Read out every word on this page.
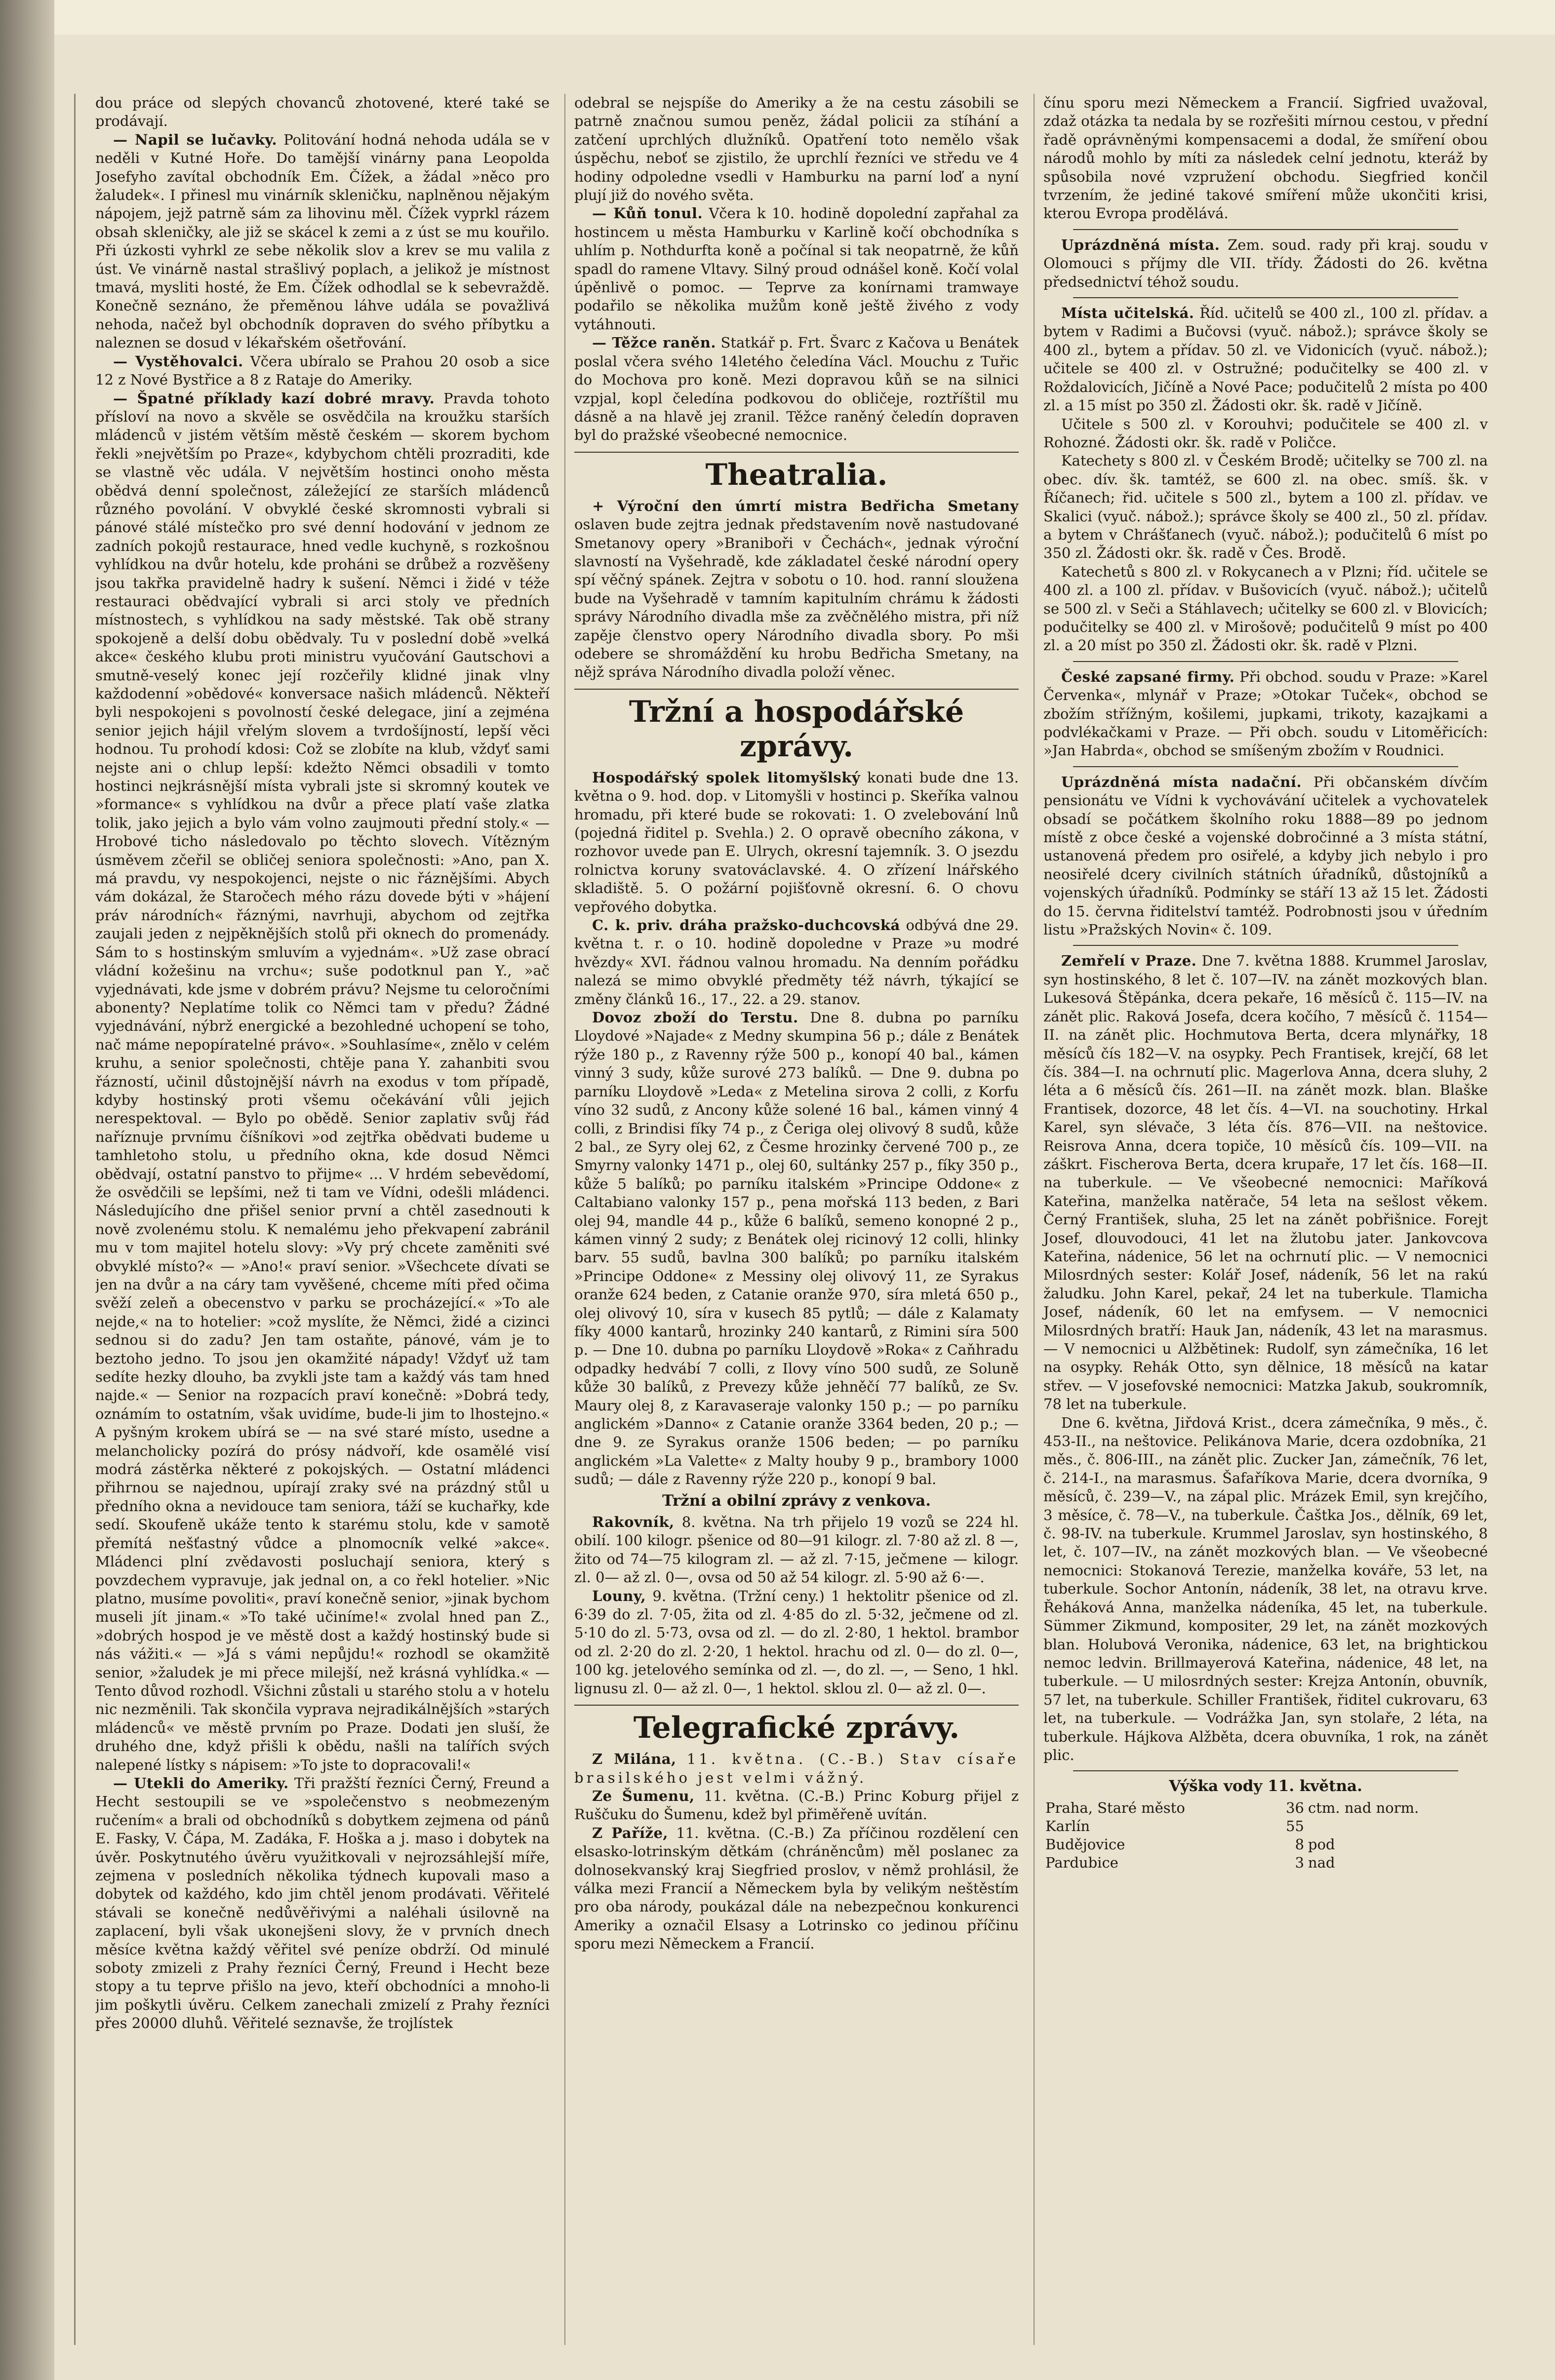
dou práce od slepých chovanců zhotovené, které také se prodávají.

— Napil se lučavky. Politování hodná nehoda udála se v neděli v Kutné Hoře. Do tamější vinárny pana Leopolda Josefyho zavítal obchodník Em. Čížek, a žádal »něco pro žaludek«. I přinesl mu vinárník skleničku, naplněnou nějakým nápojem, jejž patrně sám za lihovinu měl. Čížek vyprkl rázem obsah skleničky, ale již se skácel k zemi a z úst se mu kouřilo. Při úzkosti vyhrkl ze sebe několik slov a krev se mu valila z úst. Ve vinárně nastal strašlivý poplach, a jelikož je místnost tmavá, mysliti hosté, že Em. Čížek odhodlal se k sebevraždě. Konečně seznáno, že přeměnou láhve udála se považlivá nehoda, načež byl obchodník dopraven do svého příbytku a naleznen se dosud v lékařském ošetřování.

— Vystěhovalci. Včera ubíralo se Prahou 20 osob a sice 12 z Nové Bystřice a 8 z Rataje do Ameriky.

— Špatné příklady kazí dobré mravy. Pravda tohoto přísloví na novo a skvěle se osvědčila na kroužku starších mládenců v jistém větším městě českém — skorem bychom řekli »největším po Praze«, kdybychom chtěli prozraditi, kde se vlastně věc udála. V největším hostinci onoho města obědvá denní společnost, záležející ze starších mládenců různého povolání. V obvyklé české skromnosti vybrali si pánové stálé místečko pro své denní hodování v jednom ze zadních pokojů restaurace, hned vedle kuchyně, s rozkošnou vyhlídkou na dvůr hotelu, kde proháni se drůbež a rozvěšeny jsou takřka pravidelně hadry k sušení. Němci i židé v téže restauraci obědvající vybrali si arci stoly ve předních místnostech, s vyhlídkou na sady městské. Tak obě strany spokojeně a delší dobu obědvaly. Tu v poslední době »velká akce« českého klubu proti ministru vyučování Gautschovi a smutně-veselý konec její rozčeřily klidné jinak vlny každodenní »obědové« konversace našich mládenců. Někteří byli nespokojeni s povolností české delegace, jiní a zejména senior jejich hájil vřelým slovem a tvrdošíjností, lepší věci hodnou. Tu prohodí kdosi: Což se zlobíte na klub, vždyť sami nejste ani o chlup lepší: kdežto Němci obsadili v tomto hostinci nejkrásnější místa vybrali jste si skromný koutek ve »formance« s vyhlídkou na dvůr a přece platí vaše zlatka tolik, jako jejich a bylo vám volno zaujmouti přední stoly.« — Hrobové ticho následovalo po těchto slovech. Vítězným úsměvem zčeřil se obličej seniora společnosti: »Ano, pan X. má pravdu, vy nespokojenci, nejste o nic řáznějšími. Abych vám dokázal, že Staročech mého rázu dovede býti v »hájení práv národních« řáznými, navrhuji, abychom od zejtřka zaujali jeden z nejpěknějších stolů při oknech do promenády. Sám to s hostinským smluvím a vyjednám«. »Už zase obrací vládní kožešinu na vrchu«; suše podotknul pan Y., »ač vyjednávati, kde jsme v dobrém právu? Nejsme tu celoročními abonenty? Neplatíme tolik co Němci tam v předu? Žádné vyjednávání, nýbrž energické a bezohledné uchopení se toho, nač máme nepopíratelné právo«. »Souhlasíme«, znělo v celém kruhu, a senior společnosti, chtěje pana Y. zahanbiti svou řázností, učinil důstojnější návrh na exodus v tom případě, kdyby hostinský proti všemu očekávání vůli jejich nerespektoval. — Bylo po obědě. Senior zaplativ svůj řád naříznuje prvnímu číšníkovi »od zejtřka obědvati budeme u tamhletoho stolu, u předního okna, kde dosud Němci obědvají, ostatní panstvo to přijme« ... V hrdém sebevědomí, že osvědčili se lepšími, než ti tam ve Vídni, odešli mládenci. Následujícího dne přišel senior první a chtěl zasednouti k nově zvolenému stolu. K nemalému jeho překvapení zabránil mu v tom majitel hotelu slovy: »Vy prý chcete zaměniti své obvyklé místo?« — »Ano!« praví senior. »Všechcete dívati se jen na dvůr a na cáry tam vyvěšené, chceme míti před očima svěží zeleň a obecenstvo v parku se procházející.« »To ale nejde,« na to hotelier: »což myslíte, že Němci, židé a cizinci sednou si do zadu? Jen tam ostaňte, pánové, vám je to beztoho jedno. To jsou jen okamžité nápady! Vždyť už tam sedíte hezky dlouho, ba zvykli jste tam a každý vás tam hned najde.« — Senior na rozpacích praví konečně: »Dobrá tedy, oznámím to ostatním, však uvidíme, bude-li jim to lhostejno.« A pyšným krokem ubírá se — na své staré místo, usedne a melancholicky pozírá do prósy nádvoří, kde osamělé visí modrá zástěrka některé z pokojských. — Ostatní mládenci přihrnou se najednou, upírají zraky své na prázdný stůl u předního okna a nevidouce tam seniora, táží se kuchařky, kde sedí. Skoufeně ukáže tento k starému stolu, kde v samotě přemítá nešťastný vůdce a plnomocník velké »akce«. Mládenci plní zvědavosti posluchají seniora, který s povzdechem vypravuje, jak jednal on, a co řekl hotelier. »Nic platno, musíme povoliti«, praví konečně senior, »jinak bychom museli jít jinam.« »To také učiníme!« zvolal hned pan Z., »dobrých hospod je ve městě dost a každý hostinský bude si nás vážiti.« — »Já s vámi nepůjdu!« rozhodl se okamžitě senior, »žaludek je mi přece milejší, než krásná vyhlídka.« — Tento důvod rozhodl. Všichni zůstali u starého stolu a v hotelu nic nezměnili. Tak skončila vyprava nejradikálnějších »starých mládenců« ve městě prvním po Praze. Dodati jen sluší, že druhého dne, když přišli k obědu, našli na talířích svých nalepené lístky s nápisem: »To jste to dopracovali!«

— Utekli do Ameriky. Tři pražští řezníci Černý, Freund a Hecht sestoupili se ve »společenstvo s neobmezeným ručením« a brali od obchodníků s dobytkem zejmena od pánů E. Fasky, V. Čápa, M. Zadáka, F. Hoška a j. maso i dobytek na úvěr. Poskytnutého úvěru využitkovali v nejrozsáhlejší míře, zejmena v posledních několika týdnech kupovali maso a dobytek od každého, kdo jim chtěl jenom prodávati. Věřitelé stávali se konečně nedůvěřivými a naléhali úsilovně na zaplacení, byli však ukonejšeni slovy, že v prvních dnech měsíce května každý věřitel své peníze obdrží. Od minulé soboty zmizeli z Prahy řezníci Černý, Freund i Hecht beze stopy a tu teprve přišlo na jevo, kteří obchodníci a mnoho-li jim poškytli úvěru. Celkem zanechali zmizelí z Prahy řezníci přes 20000 dluhů. Věřitelé seznavše, že trojlístek

odebral se nejspíše do Ameriky a že na cestu zásobili se patrně značnou sumou peněz, žádal policii za stíhání a zatčení uprchlých dlužníků. Opatření toto nemělo však úspěchu, neboť se zjistilo, že uprchlí řezníci ve středu ve 4 hodiny odpoledne vsedli v Hamburku na parní loď a nyní plují již do nového světa.

— Kůň tonul. Včera k 10. hodině dopolední zapřahal za hostincem u města Hamburku v Karlině kočí obchodníka s uhlím p. Nothdurfta koně a počínal si tak neopatrně, že kůň spadl do ramene Vltavy. Silný proud odnášel koně. Kočí volal úpěnlivě o pomoc. — Teprve za konírnami tramwaye podařilo se několika mužům koně ještě živého z vody vytáhnouti.

— Těžce raněn. Statkář p. Frt. Švarc z Kačova u Benátek poslal včera svého 14letého čeledína Václ. Mouchu z Tuřic do Mochova pro koně. Mezi dopravou kůň se na silnici vzpjal, kopl čeledína podkovou do obličeje, roztříštil mu dásně a na hlavě jej zranil. Těžce raněný čeledín dopraven byl do pražské všeobecné nemocnice.

Theatralia.

+ Výroční den úmrtí mistra Bedřicha Smetany oslaven bude zejtra jednak představením nově nastudované Smetanovy opery »Braniboři v Čechách«, jednak výroční slavností na Vyšehradě, kde základatel české národní opery spí věčný spánek. Zejtra v sobotu o 10. hod. ranní sloužena bude na Vyšehradě v tamním kapitulním chrámu k žádosti správy Národního divadla mše za zvěčnělého mistra, při níž zapěje členstvo opery Národního divadla sbory. Po mši odebere se shromáždění ku hrobu Bedřicha Smetany, na nějž správa Národního divadla položí věnec.

Tržní a hospodářské zprávy.

Hospodářský spolek litomyšlský konati bude dne 13. května o 9. hod. dop. v Litomyšli v hostinci p. Skeříka valnou hromadu, při které bude se rokovati: 1. O zvelebování lnů (pojedná řiditel p. Svehla.) 2. O opravě obecního zákona, v rozhovor uvede pan E. Ulrych, okresní tajemník. 3. O jsezdu rolnictva koruny svatováclavské. 4. O zřízení lnářského skladiště. 5. O požární pojišťovně okresní. 6. O chovu vepřového dobytka.

C. k. priv. dráha pražsko-duchcovská odbývá dne 29. května t. r. o 10. hodině dopoledne v Praze »u modré hvězdy« XVI. řádnou valnou hromadu. Na denním pořádku nalezá se mimo obvyklé předměty též návrh, týkající se změny článků 16., 17., 22. a 29. stanov.

Dovoz zboží do Terstu. Dne 8. dubna po parníku Lloydové »Najade« z Medny skumpina 56 p.; dále z Benátek rýže 180 p., z Ravenny rýže 500 p., konopí 40 bal., kámen vinný 3 sudy, kůže surové 273 balíků. — Dne 9. dubna po parníku Lloydově »Leda« z Metelina sirova 2 colli, z Korfu víno 32 sudů, z Ancony kůže solené 16 bal., kámen vinný 4 colli, z Brindisi fíky 74 p., z Čeriga olej olivový 8 sudů, kůže 2 bal., ze Syry olej 62, z Česme hrozinky červené 700 p., ze Smyrny valonky 1471 p., olej 60, sultánky 257 p., fíky 350 p., kůže 5 balíků; po parníku italském »Principe Oddone« z Caltabiano valonky 157 p., pena mořská 113 beden, z Bari olej 94, mandle 44 p., kůže 6 balíků, semeno konopné 2 p., kámen vinný 2 sudy; z Benátek olej ricinový 12 colli, hlinky barv. 55 sudů, bavlna 300 balíků; po parníku italském »Principe Oddone« z Messiny olej olivový 11, ze Syrakus oranže 624 beden, z Catanie oranže 970, síra mletá 650 p., olej olivový 10, síra v kusech 85 pytlů; — dále z Kalamaty fíky 4000 kantarů, hrozinky 240 kantarů, z Rimini síra 500 p. — Dne 10. dubna po parníku Lloydově »Roka« z Caňhradu odpadky hedvábí 7 colli, z Ilovy víno 500 sudů, ze Soluně kůže 30 balíků, z Prevezy kůže jehněčí 77 balíků, ze Sv. Maury olej 8, z Karavaseraje valonky 150 p.; — po parníku anglickém »Danno« z Catanie oranže 3364 beden, 20 p.; — dne 9. ze Syrakus oranže 1506 beden; — po parníku anglickém »La Valette« z Malty houby 9 p., brambory 1000 sudů; — dále z Ravenny rýže 220 p., konopí 9 bal.

Tržní a obilní zprávy z venkova.

Rakovník, 8. května. Na trh přijelo 19 vozů se 224 hl. obilí. 100 kilogr. pšenice od 80—91 kilogr. zl. 7·80 až zl. 8 —, žito od 74—75 kilogram zl. — až zl. 7·15, ječmene — kilogr. zl. 0— až zl. 0—, ovsa od 50 až 54 kilogr. zl. 5·90 až 6·—.

Louny, 9. května. (Tržní ceny.) 1 hektolitr pšenice od zl. 6·39 do zl. 7·05, žita od zl. 4·85 do zl. 5·32, ječmene od zl. 5·10 do zl. 5·73, ovsa od zl. — do zl. 2·80, 1 hektol. brambor od zl. 2·20 do zl. 2·20, 1 hektol. hrachu od zl. 0— do zl. 0—, 100 kg. jetelového semínka od zl. —, do zl. —, — Seno, 1 hkl. lignusu zl. 0— až zl. 0—, 1 hektol. sklou zl. 0— až zl. 0—.

Telegrafické zprávy.

Z Milána, 11. května. (C.-B.) Stav císaře brasilského jest velmi vážný.

Ze Šumenu, 11. května. (C.-B.) Princ Koburg přijel z Ruščuku do Šumenu, kdež byl přiměřeně uvítán.

Z Paříže, 11. května. (C.-B.) Za příčinou rozdělení cen elsasko-lotrinským dětkám (chráněncům) měl poslanec za dolnosekvanský kraj Siegfried proslov, v němž prohlásil, že válka mezi Francií a Německem byla by velikým neštěstím pro oba národy, poukázal dále na nebezpečnou konkurenci Ameriky a označil Elsasy a Lotrinsko co jedinou příčinu sporu mezi Německem a Francií.

čínu sporu mezi Německem a Francií. Sigfried uvažoval, zdaž otázka ta nedala by se rozřešiti mírnou cestou, v přední řadě oprávněnými kompensacemi a dodal, že smíření obou národů mohlo by míti za následek celní jednotu, kteráž by spůsobila nové vzpružení obchodu. Siegfried končil tvrzením, že jediné takové smíření může ukončiti krisi, kterou Evropa prodělává.

Uprázdněná místa. Zem. soud. rady při kraj. soudu v Olomouci s příjmy dle VII. třídy. Žádosti do 26. května předsednictví téhož soudu.

Místa učitelská. Říd. učitelů se 400 zl., 100 zl. přídav. a bytem v Radimi a Bučovsi (vyuč. nábož.); správce školy se 400 zl., bytem a přídav. 50 zl. ve Vidonicích (vyuč. nábož.); učitele se 400 zl. v Ostružné; podučitelky se 400 zl. v Roždalovicích, Jičíně a Nové Pace; podučitelů 2 místa po 400 zl. a 15 míst po 350 zl. Žádosti okr. šk. radě v Jičíně.

Učitele s 500 zl. v Korouhvi; podučitele se 400 zl. v Rohozné. Žádosti okr. šk. radě v Poličce.

Katechety s 800 zl. v Českém Brodě; učitelky se 700 zl. na obec. dív. šk. tamtéž, se 600 zl. na obec. smíš. šk. v Říčanech; řid. učitele s 500 zl., bytem a 100 zl. přídav. ve Skalici (vyuč. nábož.); správce školy se 400 zl., 50 zl. přídav. a bytem v Chrášťanech (vyuč. nábož.); podučitelů 6 míst po 350 zl. Žádosti okr. šk. radě v Čes. Brodě.

Katechetů s 800 zl. v Rokycanech a v Plzni; říd. učitele se 400 zl. a 100 zl. přídav. v Bušovicích (vyuč. nábož.); učitelů se 500 zl. v Seči a Stáhlavech; učitelky se 600 zl. v Blovicích; podučitelky se 400 zl. v Mirošově; podučitelů 9 míst po 400 zl. a 20 míst po 350 zl. Žádosti okr. šk. radě v Plzni.

České zapsané firmy. Při obchod. soudu v Praze: »Karel Červenka«, mlynář v Praze; »Otokar Tuček«, obchod se zbožím střížným, košilemi, jupkami, trikoty, kazajkami a podvlékačkami v Praze. — Při obch. soudu v Litoměřicích: »Jan Habrda«, obchod se smíšeným zbožím v Roudnici.

Uprázdněná místa nadační. Při občanském dívčím pensionátu ve Vídni k vychovávání učitelek a vychovatelek obsadí se počátkem školního roku 1888—89 po jednom místě z obce české a vojenské dobročinné a 3 místa státní, ustanovená předem pro osiřelé, a kdyby jich nebylo i pro neosiřelé dcery civilních státních úřadníků, důstojníků a vojenských úřadníků. Podmínky se stáří 13 až 15 let. Žádosti do 15. června řiditelství tamtéž. Podrobnosti jsou v úředním listu »Pražských Novin« č. 109.

Zemřelí v Praze. Dne 7. května 1888. Krummel Jaroslav, syn hostinského, 8 let č. 107—IV. na zánět mozkových blan. Lukesová Štěpánka, dcera pekaře, 16 měsíců č. 115—IV. na zánět plic. Raková Josefa, dcera kočího, 7 měsíců č. 1154—II. na zánět plic. Hochmutova Berta, dcera mlynářky, 18 měsíců čís 182—V. na osypky. Pech Frantisek, krejčí, 68 let čís. 384—I. na ochrnutí plic. Magerlova Anna, dcera sluhy, 2 léta a 6 měsíců čís. 261—II. na zánět mozk. blan. Blaške Frantisek, dozorce, 48 let čís. 4—VI. na souchotiny. Hrkal Karel, syn slévače, 3 léta čís. 876—VII. na neštovice. Reisrova Anna, dcera topiče, 10 měsíců čís. 109—VII. na záškrt. Fischerova Berta, dcera krupaře, 17 let čís. 168—II. na tuberkule. — Ve všeobecné nemocnici: Maříková Kateřina, manželka natěrače, 54 leta na sešlost věkem. Černý František, sluha, 25 let na zánět pobřišnice. Forejt Josef, dlouvodouci, 41 let na žlutobu jater. Jankovcova Kateřina, nádenice, 56 let na ochrnutí plic. — V nemocnici Milosrdných sester: Kolář Josef, nádeník, 56 let na rakú žaludku. John Karel, pekař, 24 let na tuberkule. Tlamicha Josef, nádeník, 60 let na emfysem. — V nemocnici Milosrdných bratří: Hauk Jan, nádeník, 43 let na marasmus. — V nemocnici u Alžbětinek: Rudolf, syn zámečníka, 16 let na osypky. Rehák Otto, syn dělnice, 18 měsíců na katar střev. — V josefovské nemocnici: Matzka Jakub, soukromník, 78 let na tuberkule.

Dne 6. května, Jiřdová Krist., dcera zámečníka, 9 měs., č. 453-II., na neštovice. Pelikánova Marie, dcera ozdobníka, 21 měs., č. 806-III., na zánět plic. Zucker Jan, zámečník, 76 let, č. 214-I., na marasmus. Šafaříkova Marie, dcera dvorníka, 9 měsíců, č. 239—V., na zápal plic. Mrázek Emil, syn krejčího, 3 měsíce, č. 78—V., na tuberkule. Čaštka Jos., dělník, 69 let, č. 98-IV. na tuberkule. Krummel Jaroslav, syn hostinského, 8 let, č. 107—IV., na zánět mozkových blan. — Ve všeobecné nemocnici: Stokanová Terezie, manželka kováře, 53 let, na tuberkule. Sochor Antonín, nádeník, 38 let, na otravu krve. Řeháková Anna, manželka nádeníka, 45 let, na tuberkule. Sümmer Zikmund, kompositer, 29 let, na zánět mozkových blan. Holubová Veronika, nádenice, 63 let, na brightickou nemoc ledvin. Brillmayerová Kateřina, nádenice, 48 let, na tuberkule. — U milosrdných sester: Krejza Antonín, obuvník, 57 let, na tuberkule. Schiller František, řiditel cukrovaru, 63 let, na tuberkule. — Vodrážka Jan, syn stolaře, 2 léta, na tuberkule. Hájkova Alžběta, dcera obuvníka, 1 rok, na zánět plic.

Výška vody 11. května.
Praha, Staré město	36	ctm. nad norm.
Karlín	55	
Budějovice	8	pod
Pardubice	3	nad
